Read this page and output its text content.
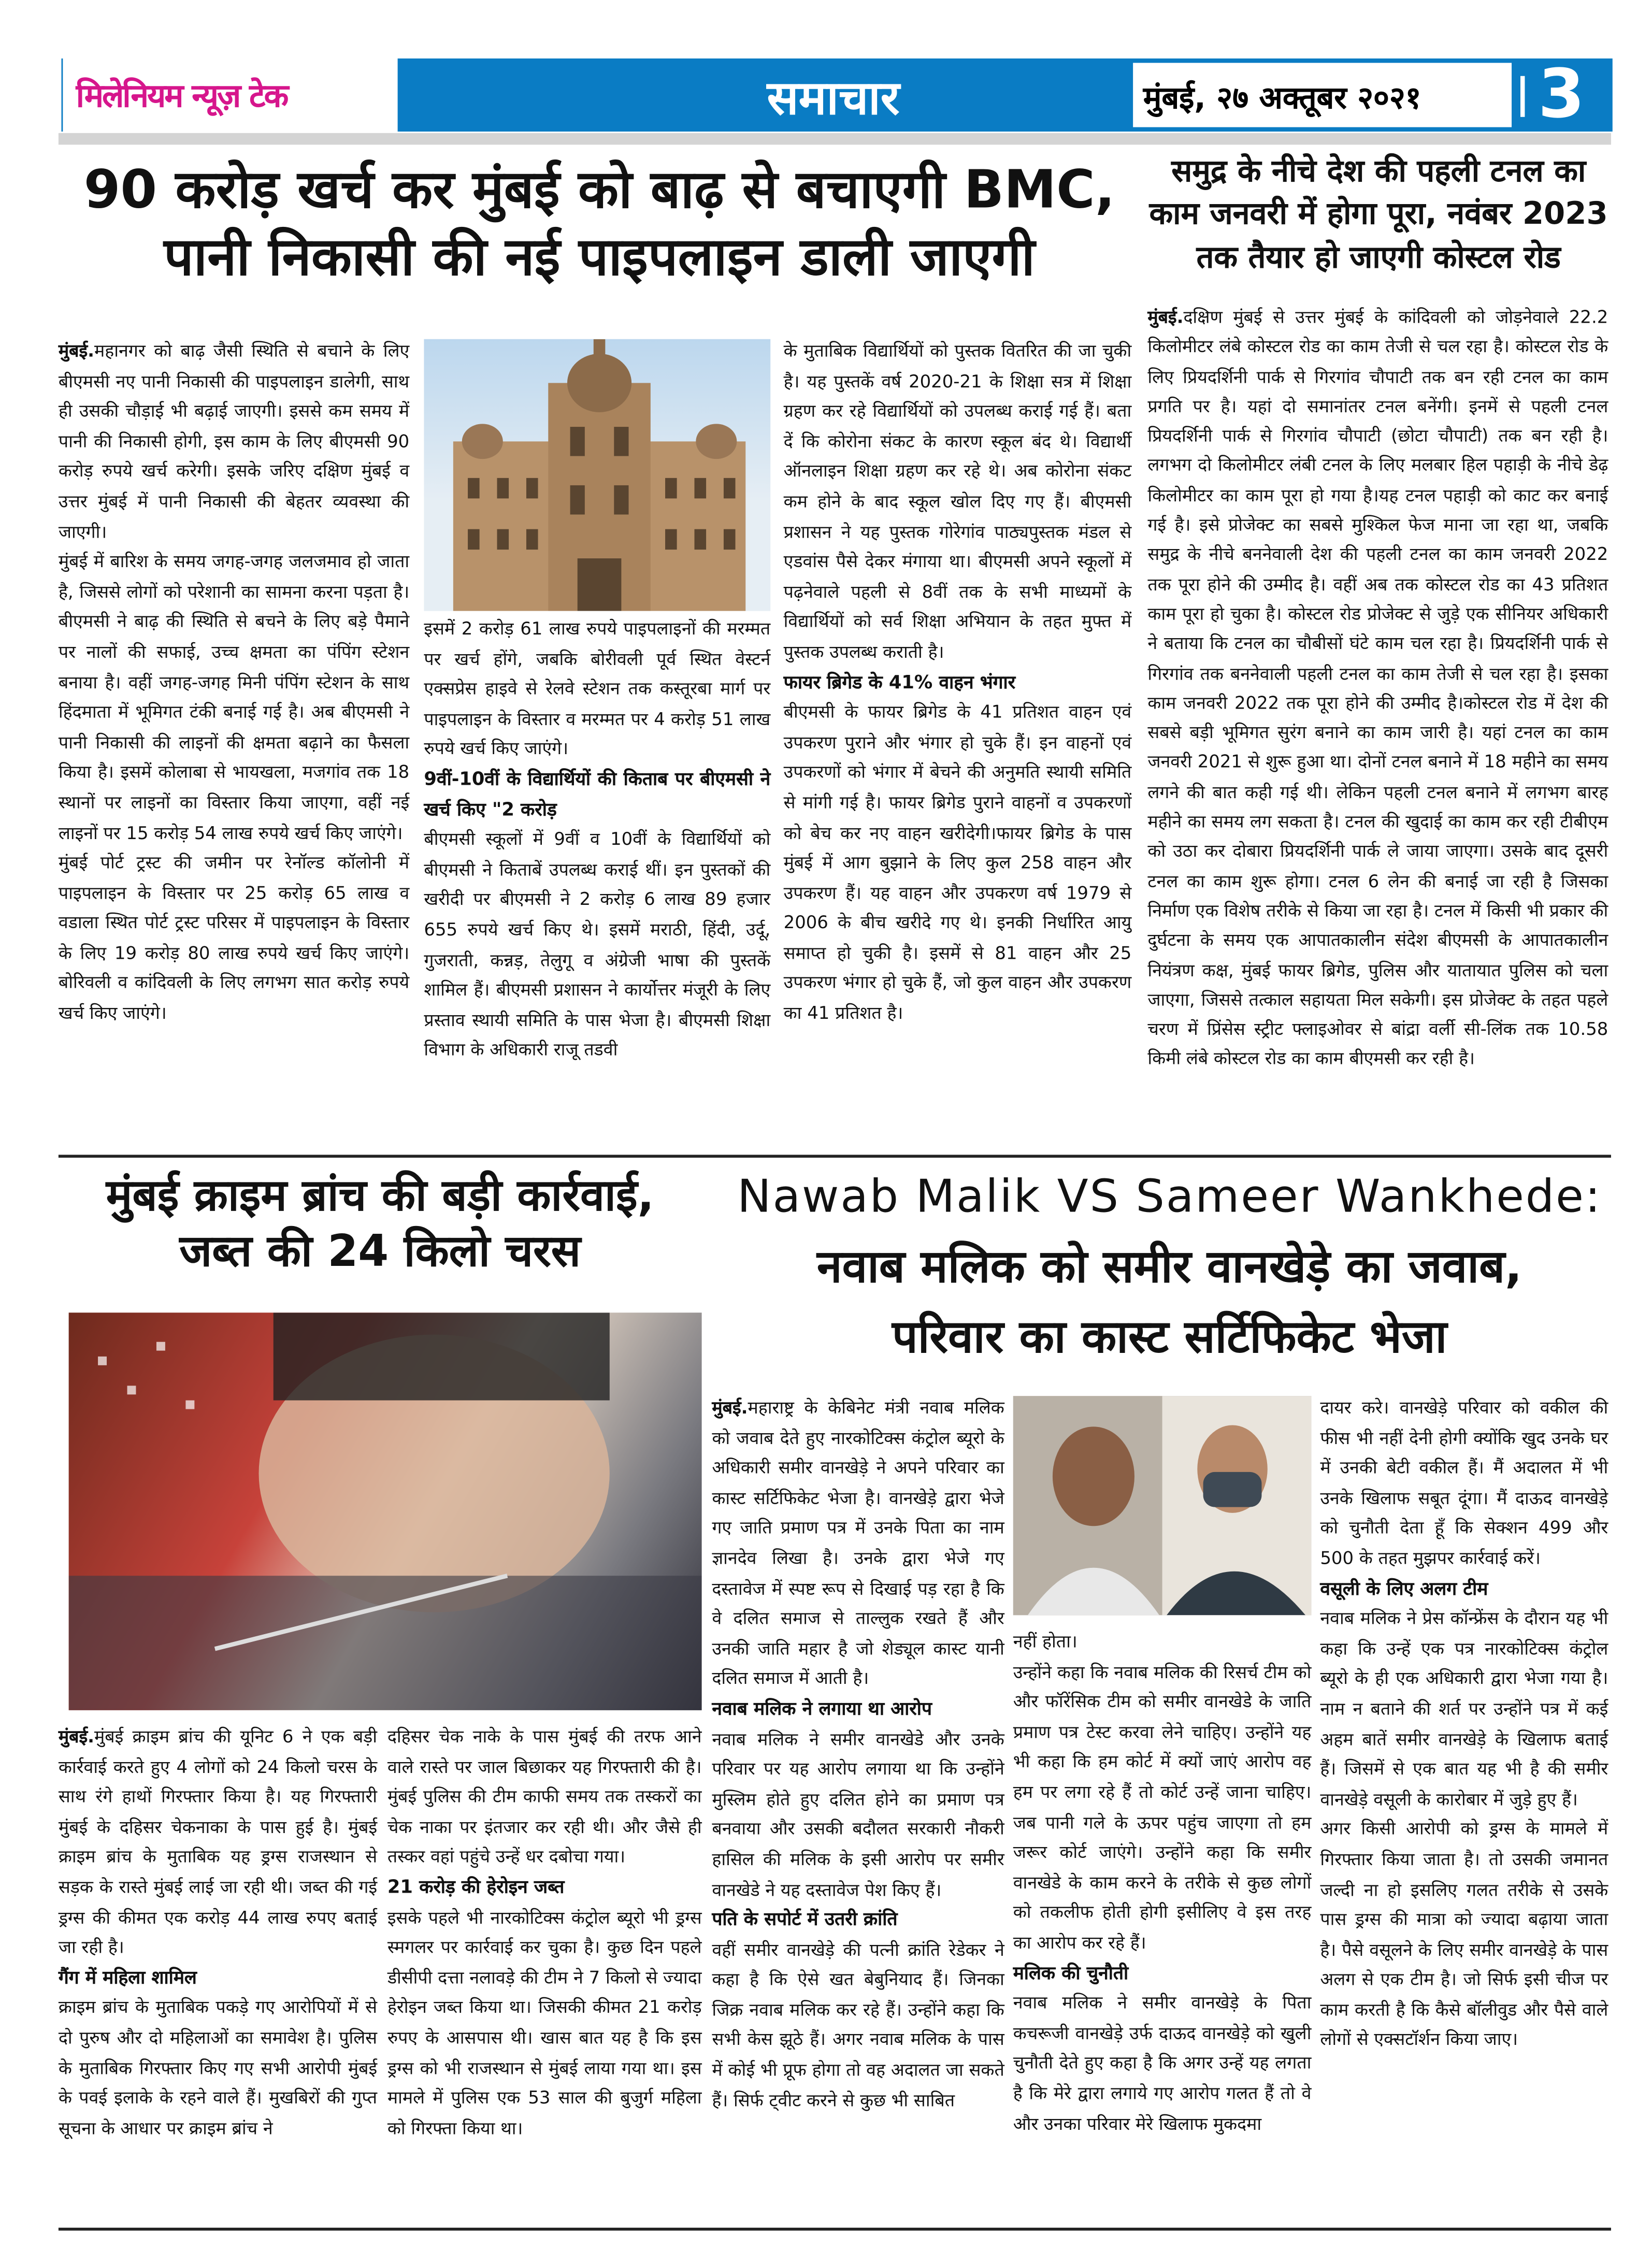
मिलेनियम न्यूज़ टेक	समाचार	मुंबई, २७ अक्तूबर २०२१	3
90 करोड़ खर्च कर मुंबई को बाढ़ से बचाएगी BMC,
पानी निकासी की नई पाइपलाइन डाली जाएगी

मुंबई.महानगर को बाढ़ जैसी स्थिति से बचाने के लिए बीएमसी नए पानी निकासी की पाइपलाइन डालेगी, साथ ही उसकी चौड़ाई भी बढ़ाई जाएगी। इससे कम समय में पानी की निकासी होगी, इस काम के लिए बीएमसी 90 करोड़ रुपये खर्च करेगी। इसके जरिए दक्षिण मुंबई व उत्तर मुंबई में पानी निकासी की बेहतर व्यवस्था की जाएगी।

मुंबई में बारिश के समय जगह-जगह जलजमाव हो जाता है, जिससे लोगों को परेशानी का सामना करना पड़ता है। बीएमसी ने बाढ़ की स्थिति से बचने के लिए बड़े पैमाने पर नालों की सफाई, उच्च क्षमता का पंपिंग स्टेशन बनाया है। वहीं जगह-जगह मिनी पंपिंग स्टेशन के साथ हिंदमाता में भूमिगत टंकी बनाई गई है। अब बीएमसी ने पानी निकासी की लाइनों की क्षमता बढ़ाने का फैसला किया है। इसमें कोलाबा से भायखला, मजगांव तक 18 स्थानों पर लाइनों का विस्तार किया जाएगा, वहीं नई लाइनों पर 15 करोड़ 54 लाख रुपये खर्च किए जाएंगे।

मुंबई पोर्ट ट्रस्ट की जमीन पर रेनॉल्ड कॉलोनी में पाइपलाइन के विस्तार पर 25 करोड़ 65 लाख व वडाला स्थित पोर्ट ट्रस्ट परिसर में पाइपलाइन के विस्तार के लिए 19 करोड़ 80 लाख रुपये खर्च किए जाएंगे। बोरिवली व कांदिवली के लिए लगभग सात करोड़ रुपये खर्च किए जाएंगे।

इसमें 2 करोड़ 61 लाख रुपये पाइपलाइनों की मरम्मत पर खर्च होंगे, जबकि बोरीवली पूर्व स्थित वेस्टर्न एक्सप्रेस हाइवे से रेलवे स्टेशन तक कस्तूरबा मार्ग पर पाइपलाइन के विस्तार व मरम्मत पर 4 करोड़ 51 लाख रुपये खर्च किए जाएंगे।

9वीं-10वीं के विद्यार्थियों की किताब पर बीएमसी ने खर्च किए "2 करोड़

बीएमसी स्कूलों में 9वीं व 10वीं के विद्यार्थियों को बीएमसी ने किताबें उपलब्ध कराई थीं। इन पुस्तकों की खरीदी पर बीएमसी ने 2 करोड़ 6 लाख 89 हजार 655 रुपये खर्च किए थे। इसमें मराठी, हिंदी, उर्दू, गुजराती, कन्नड़, तेलुगू व अंग्रेजी भाषा की पुस्तकें शामिल हैं। बीएमसी प्रशासन ने कार्योत्तर मंजूरी के लिए प्रस्ताव स्थायी समिति के पास भेजा है। बीएमसी शिक्षा विभाग के अधिकारी राजू तडवी

के मुताबिक विद्यार्थियों को पुस्तक वितरित की जा चुकी है। यह पुस्तकें वर्ष 2020-21 के शिक्षा सत्र में शिक्षा ग्रहण कर रहे विद्यार्थियों को उपलब्ध कराई गई हैं। बता दें कि कोरोना संकट के कारण स्कूल बंद थे। विद्यार्थी ऑनलाइन शिक्षा ग्रहण कर रहे थे। अब कोरोना संकट कम होने के बाद स्कूल खोल दिए गए हैं। बीएमसी प्रशासन ने यह पुस्तक गोरेगांव पाठ्यपुस्तक मंडल से एडवांस पैसे देकर मंगाया था। बीएमसी अपने स्कूलों में पढ़नेवाले पहली से 8वीं तक के सभी माध्यमों के विद्यार्थियों को सर्व शिक्षा अभियान के तहत मुफ्त में पुस्तक उपलब्ध कराती है।

फायर ब्रिगेड के 41% वाहन भंगार

बीएमसी के फायर ब्रिगेड के 41 प्रतिशत वाहन एवं उपकरण पुराने और भंगार हो चुके हैं। इन वाहनों एवं उपकरणों को भंगार में बेचने की अनुमति स्थायी समिति से मांगी गई है। फायर ब्रिगेड पुराने वाहनों व उपकरणों को बेच कर नए वाहन खरीदेगी।फायर ब्रिगेड के पास मुंबई में आग बुझाने के लिए कुल 258 वाहन और उपकरण हैं। यह वाहन और उपकरण वर्ष 1979 से 2006 के बीच खरीदे गए थे। इनकी निर्धारित आयु समाप्त हो चुकी है। इसमें से 81 वाहन और 25 उपकरण भंगार हो चुके हैं, जो कुल वाहन और उपकरण का 41 प्रतिशत है।

समुद्र के नीचे देश की पहली टनल का
काम जनवरी में होगा पूरा, नवंबर 2023
तक तैयार हो जाएगी कोस्टल रोड

मुंबई.दक्षिण मुंबई से उत्तर मुंबई के कांदिवली को जोड़नेवाले 22.2 किलोमीटर लंबे कोस्टल रोड का काम तेजी से चल रहा है। कोस्टल रोड के लिए प्रियदर्शिनी पार्क से गिरगांव चौपाटी तक बन रही टनल का काम प्रगति पर है। यहां दो समानांतर टनल बनेंगी। इनमें से पहली टनल प्रियदर्शिनी पार्क से गिरगांव चौपाटी (छोटा चौपाटी) तक बन रही है। लगभग दो किलोमीटर लंबी टनल के लिए मलबार हिल पहाड़ी के नीचे डेढ़ किलोमीटर का काम पूरा हो गया है।यह टनल पहाड़ी को काट कर बनाई गई है। इसे प्रोजेक्ट का सबसे मुश्किल फेज माना जा रहा था, जबकि समुद्र के नीचे बननेवाली देश की पहली टनल का काम जनवरी 2022 तक पूरा होने की उम्मीद है। वहीं अब तक कोस्टल रोड का 43 प्रतिशत काम पूरा हो चुका है। कोस्टल रोड प्रोजेक्ट से जुड़े एक सीनियर अधिकारी ने बताया कि टनल का चौबीसों घंटे काम चल रहा है। प्रियदर्शिनी पार्क से गिरगांव तक बननेवाली पहली टनल का काम तेजी से चल रहा है। इसका काम जनवरी 2022 तक पूरा होने की उम्मीद है।कोस्टल रोड में देश की सबसे बड़ी भूमिगत सुरंग बनाने का काम जारी है। यहां टनल का काम जनवरी 2021 से शुरू हुआ था। दोनों टनल बनाने में 18 महीने का समय लगने की बात कही गई थी। लेकिन पहली टनल बनाने में लगभग बारह महीने का समय लग सकता है। टनल की खुदाई का काम कर रही टीबीएम को उठा कर दोबारा प्रियदर्शिनी पार्क ले जाया जाएगा। उसके बाद दूसरी टनल का काम शुरू होगा। टनल 6 लेन की बनाई जा रही है जिसका निर्माण एक विशेष तरीके से किया जा रहा है। टनल में किसी भी प्रकार की दुर्घटना के समय एक आपातकालीन संदेश बीएमसी के आपातकालीन नियंत्रण कक्ष, मुंबई फायर ब्रिगेड, पुलिस और यातायात पुलिस को चला जाएगा, जिससे तत्काल सहायता मिल सकेगी। इस प्रोजेक्ट के तहत पहले चरण में प्रिंसेस स्ट्रीट फ्लाइओवर से बांद्रा वर्ली सी-लिंक तक 10.58 किमी लंबे कोस्टल रोड का काम बीएमसी कर रही है।

मुंबई क्राइम ब्रांच की बड़ी कार्रवाई,
जब्त की 24 किलो चरस

मुंबई.मुंबई क्राइम ब्रांच की यूनिट 6 ने एक बड़ी कार्रवाई करते हुए 4 लोगों को 24 किलो चरस के साथ रंगे हाथों गिरफ्तार किया है। यह गिरफ्तारी मुंबई के दहिसर चेकनाका के पास हुई है। मुंबई क्राइम ब्रांच के मुताबिक यह ड्रग्स राजस्थान से सड़क के रास्ते मुंबई लाई जा रही थी। जब्त की गई ड्रग्स की कीमत एक करोड़ 44 लाख रुपए बताई जा रही है।

गैंग में महिला शामिल

क्राइम ब्रांच के मुताबिक पकड़े गए आरोपियों में से दो पुरुष और दो महिलाओं का समावेश है। पुलिस के मुताबिक गिरफ्तार किए गए सभी आरोपी मुंबई के पवई इलाके के रहने वाले हैं। मुखबिरों की गुप्त सूचना के आधार पर क्राइम ब्रांच ने

दहिसर चेक नाके के पास मुंबई की तरफ आने वाले रास्ते पर जाल बिछाकर यह गिरफ्तारी की है। मुंबई पुलिस की टीम काफी समय तक तस्करों का चेक नाका पर इंतजार कर रही थी। और जैसे ही तस्कर वहां पहुंचे उन्हें धर दबोचा गया।

21 करोड़ की हेरोइन जब्त

इसके पहले भी नारकोटिक्स कंट्रोल ब्यूरो भी ड्रग्स स्मगलर पर कार्रवाई कर चुका है। कुछ दिन पहले डीसीपी दत्ता नलावड़े की टीम ने 7 किलो से ज्यादा हेरोइन जब्त किया था। जिसकी कीमत 21 करोड़ रुपए के आसपास थी। खास बात यह है कि इस ड्रग्स को भी राजस्थान से मुंबई लाया गया था। इस मामले में पुलिस एक 53 साल की बुजुर्ग महिला को गिरफ्ता किया था।

Nawab Malik VS Sameer Wankhede:
नवाब मलिक को समीर वानखेड़े का जवाब,
परिवार का कास्ट सर्टिफिकेट भेजा

मुंबई.महाराष्ट्र के केबिनेट मंत्री नवाब मलिक को जवाब देते हुए नारकोटिक्स कंट्रोल ब्यूरो के अधिकारी समीर वानखेड़े ने अपने परिवार का कास्ट सर्टिफिकेट भेजा है। वानखेड़े द्वारा भेजे गए जाति प्रमाण पत्र में उनके पिता का नाम ज्ञानदेव लिखा है। उनके द्वारा भेजे गए दस्तावेज में स्पष्ट रूप से दिखाई पड़ रहा है कि वे दलित समाज से ताल्लुक रखते हैं और उनकी जाति महार है जो शेड्यूल कास्ट यानी दलित समाज में आती है।

नवाब मलिक ने लगाया था आरोप

नवाब मलिक ने समीर वानखेडे और उनके परिवार पर यह आरोप लगाया था कि उन्होंने मुस्लिम होते हुए दलित होने का प्रमाण पत्र बनवाया और उसकी बदौलत सरकारी नौकरी हासिल की मलिक के इसी आरोप पर समीर वानखेडे ने यह दस्तावेज पेश किए हैं।

पति के सपोर्ट में उतरी क्रांति

वहीं समीर वानखेड़े की पत्नी क्रांति रेडेकर ने कहा है कि ऐसे खत बेबुनियाद हैं। जिनका जिक्र नवाब मलिक कर रहे हैं। उन्होंने कहा कि सभी केस झूठे हैं। अगर नवाब मलिक के पास में कोई भी प्रूफ होगा तो वह अदालत जा सकते हैं। सिर्फ ट्वीट करने से कुछ भी साबित

नहीं होता।

उन्होंने कहा कि नवाब मलिक की रिसर्च टीम को और फॉरेंसिक टीम को समीर वानखेडे के जाति प्रमाण पत्र टेस्ट करवा लेने चाहिए। उन्होंने यह भी कहा कि हम कोर्ट में क्यों जाएं आरोप वह हम पर लगा रहे हैं तो कोर्ट उन्हें जाना चाहिए। जब पानी गले के ऊपर पहुंच जाएगा तो हम जरूर कोर्ट जाएंगे। उन्होंने कहा कि समीर वानखेडे के काम करने के तरीके से कुछ लोगों को तकलीफ होती होगी इसीलिए वे इस तरह का आरोप कर रहे हैं।

मलिक की चुनौती

नवाब मलिक ने समीर वानखेड़े के पिता कचरूजी वानखेड़े उर्फ दाऊद वानखेड़े को खुली चुनौती देते हुए कहा है कि अगर उन्हें यह लगता है कि मेरे द्वारा लगाये गए आरोप गलत हैं तो वे और उनका परिवार मेरे खिलाफ मुकदमा

दायर करे। वानखेड़े परिवार को वकील की फीस भी नहीं देनी होगी क्योंकि खुद उनके घर में उनकी बेटी वकील हैं। मैं अदालत में भी उनके खिलाफ सबूत दूंगा। मैं दाऊद वानखेड़े को चुनौती देता हूँ कि सेक्शन 499 और 500 के तहत मुझपर कार्रवाई करें।

वसूली के लिए अलग टीम

नवाब मलिक ने प्रेस कॉन्फ्रेंस के दौरान यह भी कहा कि उन्हें एक पत्र नारकोटिक्स कंट्रोल ब्यूरो के ही एक अधिकारी द्वारा भेजा गया है। नाम न बताने की शर्त पर उन्होंने पत्र में कई अहम बातें समीर वानखेड़े के खिलाफ बताई हैं। जिसमें से एक बात यह भी है की समीर वानखेड़े वसूली के कारोबार में जुड़े हुए हैं।

अगर किसी आरोपी को ड्रग्स के मामले में गिरफ्तार किया जाता है। तो उसकी जमानत जल्दी ना हो इसलिए गलत तरीके से उसके पास ड्रग्स की मात्रा को ज्यादा बढ़ाया जाता है। पैसे वसूलने के लिए समीर वानखेड़े के पास अलग से एक टीम है। जो सिर्फ इसी चीज पर काम करती है कि कैसे बॉलीवुड और पैसे वाले लोगों से एक्सटॉर्शन किया जाए।
